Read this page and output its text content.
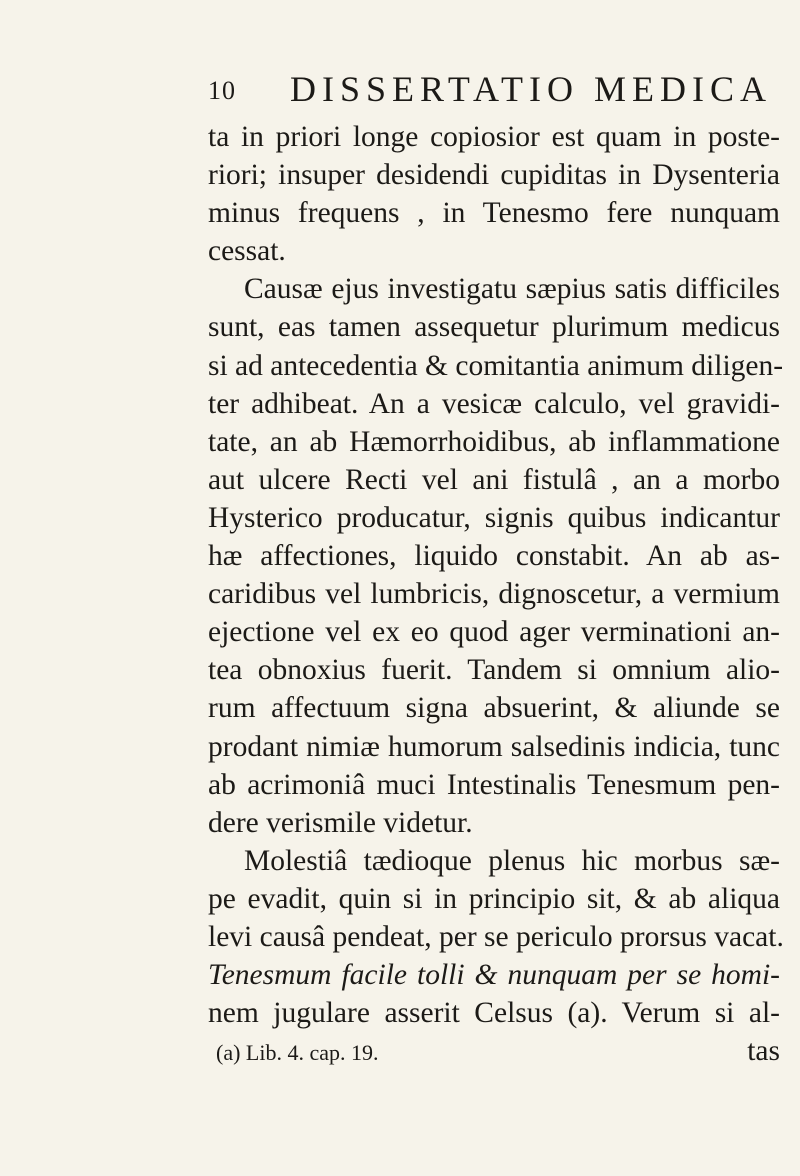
10 DISSERTATIO MEDICA
ta in priori longe copiosior est quam in poste-
riori; insuper desidendi cupiditas in Dysenteria
minus frequens , in Tenesmo fere nunquam
cessat.
Causæ ejus investigatu sæpius satis difficiles
sunt, eas tamen assequetur plurimum medicus
si ad antecedentia & comitantia animum diligen-
ter adhibeat. An a vesicæ calculo, vel gravidi-
tate, an ab Hæmorrhoidibus, ab inflammatione
aut ulcere Recti vel ani fistulâ , an a morbo
Hysterico producatur, signis quibus indicantur
hæ affectiones, liquido constabit. An ab as-
caridibus vel lumbricis, dignoscetur, a vermium
ejectione vel ex eo quod ager verminationi an-
tea obnoxius fuerit. Tandem si omnium alio-
rum affectuum signa absuerint, & aliunde se
prodant nimiæ humorum salsedinis indicia, tunc
ab acrimoniâ muci Intestinalis Tenesmum pen-
dere verismile videtur.
Molestiâ tædioque plenus hic morbus sæ-
pe evadit, quin si in principio sit, & ab aliqua
levi causâ pendeat, per se periculo prorsus vacat.
Tenesmum facile tolli & nunquam per se homi-
nem jugulare asserit Celsus (a). Verum si al-
tas
(a) Lib. 4. cap. 19.
